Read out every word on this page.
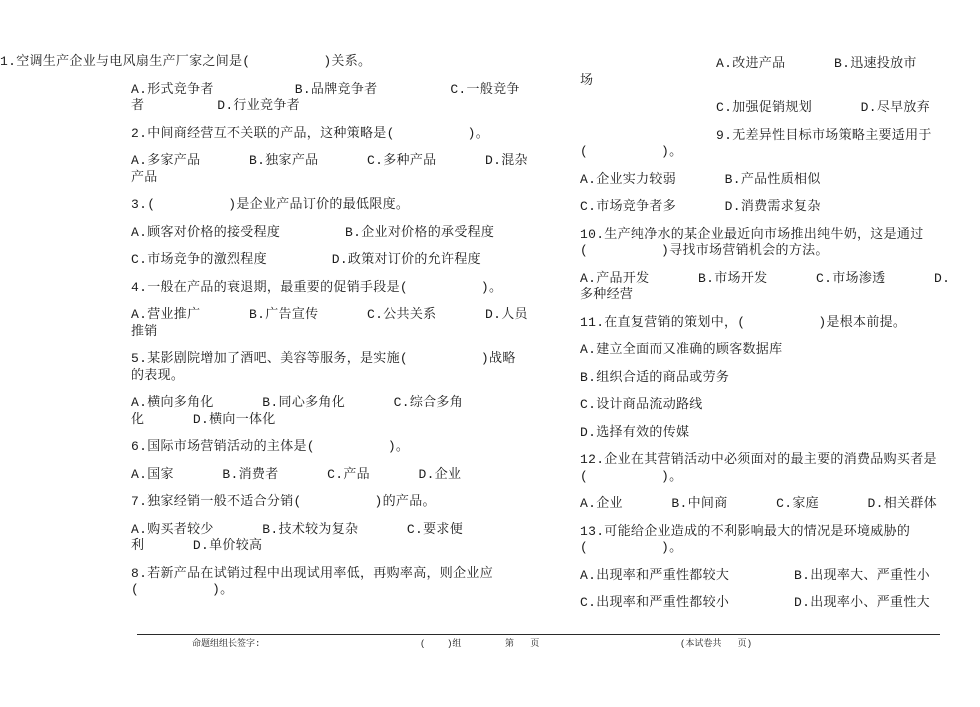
1.空调生产企业与电风扇生产厂家之间是(         )关系。
A.形式竞争者          B.品牌竞争者         C.一般竞争
者         D.行业竞争者
2.中间商经营互不关联的产品，这种策略是(         )。
A.多家产品      B.独家产品      C.多种产品      D.混杂
产品
3.(         )是企业产品订价的最低限度。
A.顾客对价格的接受程度        B.企业对价格的承受程度
C.市场竞争的激烈程度        D.政策对订价的允许程度
4.一般在产品的衰退期，最重要的促销手段是(         )。
A.营业推广      B.广告宣传      C.公共关系      D.人员
推销
5.某影剧院增加了酒吧、美容等服务，是实施(         )战略
的表现。
A.横向多角化      B.同心多角化      C.综合多角
化      D.横向一体化
6.国际市场营销活动的主体是(         )。
A.国家      B.消费者      C.产品      D.企业
7.独家经销一般不适合分销(         )的产品。
A.购买者较少      B.技术较为复杂      C.要求便
利      D.单价较高
8.若新产品在试销过程中出现试用率低，再购率高，则企业应
(         )。
A.改进产品      B.迅速投放市
场
C.加强促销规划      D.尽早放弃
9.无差异性目标市场策略主要适用于
(         )。
A.企业实力较弱      B.产品性质相似
C.市场竞争者多      D.消费需求复杂
10.生产纯净水的某企业最近向市场推出纯牛奶，这是通过
(         )寻找市场营销机会的方法。
A.产品开发      B.市场开发      C.市场渗透      D.
多种经营
11.在直复营销的策划中，(         )是根本前提。
A.建立全面而又准确的顾客数据库
B.组织合适的商品或劳务
C.设计商品流动路线
D.选择有效的传媒
12.企业在其营销活动中必须面对的最主要的消费品购买者是
(         )。
A.企业      B.中间商      C.家庭      D.相关群体
13.可能给企业造成的不利影响最大的情况是环境威胁的
(         )。
A.出现率和严重性都较大        B.出现率大、严重性小
C.出现率和严重性都较小        D.出现率小、严重性大
命题组组长签字:	(    )组	第   页	(本试卷共   页)
